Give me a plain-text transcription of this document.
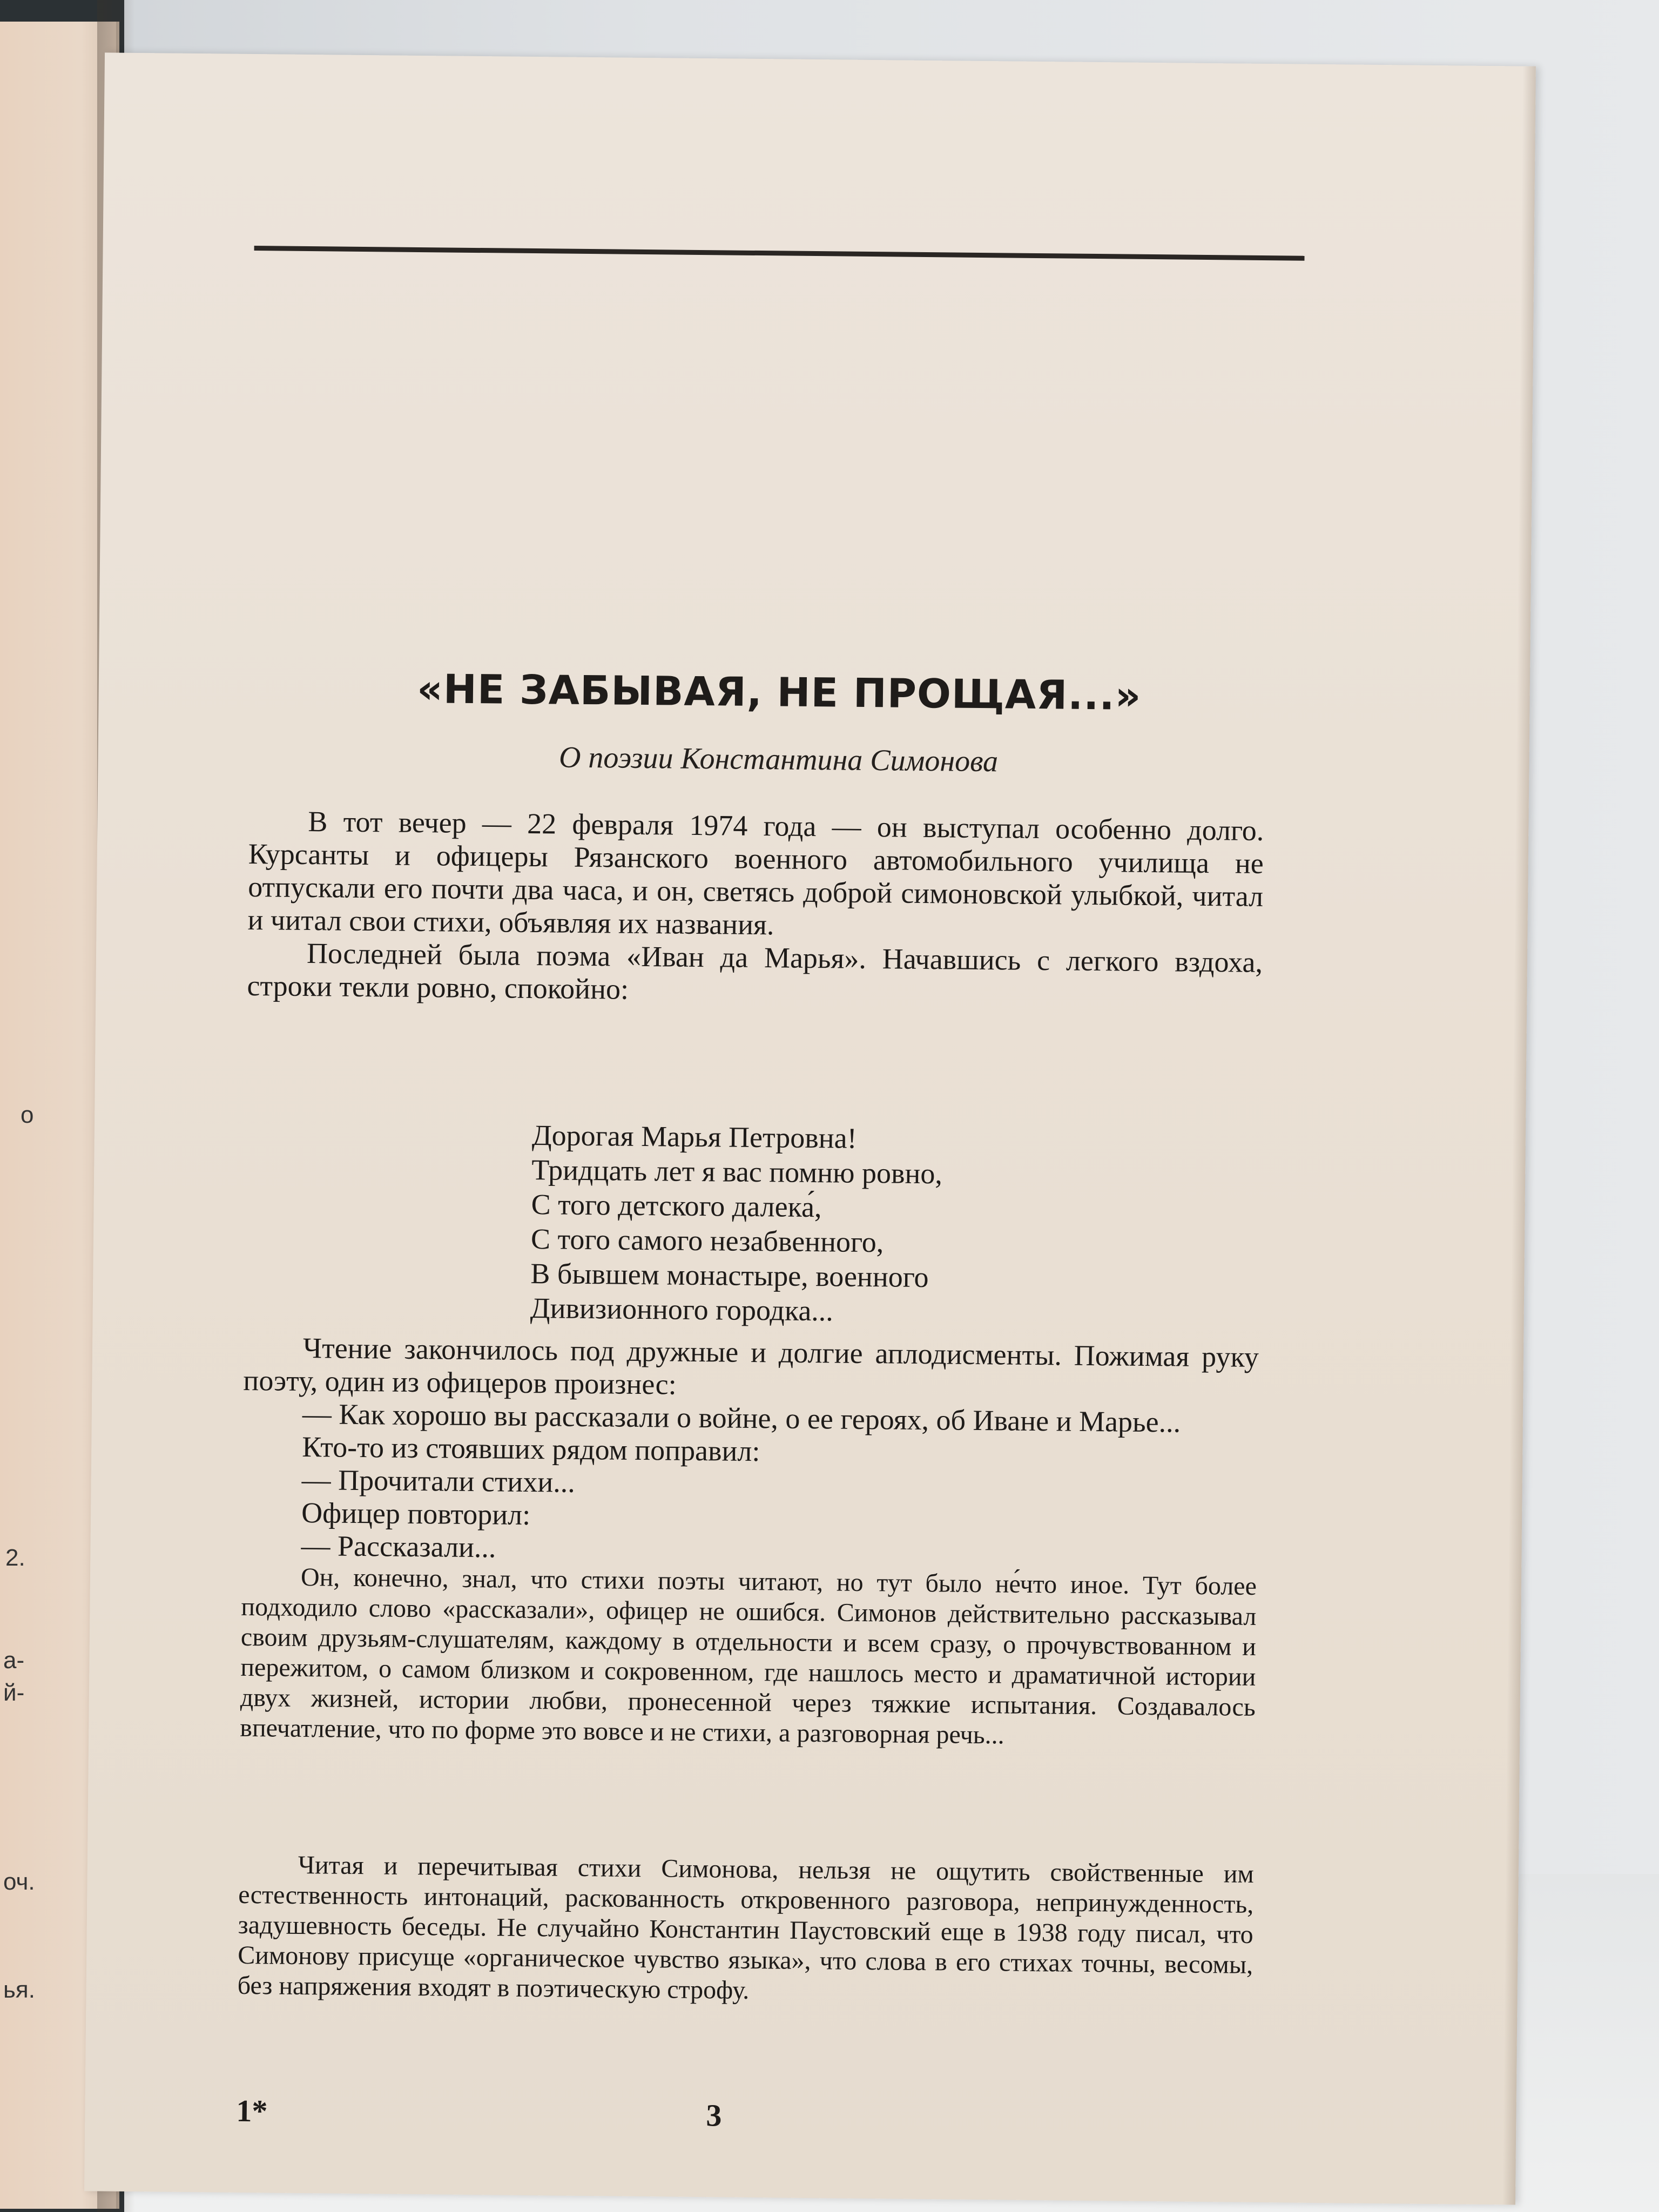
о
2.
а-
й-
оч.
ья.
«НЕ ЗАБЫВАЯ, НЕ ПРОЩАЯ...»
О поэзии Константина Симонова

В тот вечер — 22 февраля 1974 года — он выступал особенно долго. Курсанты и офицеры Рязанского военного автомобильного училища не отпускали его почти два часа, и он, светясь доброй симоновской улыбкой, читал и читал свои стихи, объявляя их названия.

Последней была поэма «Иван да Марья». Начавшись с легкого вздоха, строки текли ровно, спокойно:

Дорогая Марья Петровна!
Тридцать лет я вас помню ровно,
С того детского далека́,
С того самого незабвенного,
В бывшем монастыре, военного
Дивизионного городка...

Чтение закончилось под дружные и долгие аплодисменты. Пожимая руку поэту, один из офицеров произнес:

— Как хорошо вы рассказали о войне, о ее героях, об Иване и Марье...

Кто-то из стоявших рядом поправил:

— Прочитали стихи...

Офицер повторил:

— Рассказали...

Он, конечно, знал, что стихи поэты читают, но тут было не́что иное. Тут более подходило слово «рассказали», офицер не ошибся. Симонов действительно рассказывал своим друзьям-слушателям, каждому в отдельности и всем сразу, о прочувствованном и пережитом, о самом близком и сокровенном, где нашлось место и драматичной истории двух жизней, истории любви, пронесенной через тяжкие испытания. Создавалось впечатление, что по форме это вовсе и не стихи, а разговорная речь...

Читая и перечитывая стихи Симонова, нельзя не ощутить свойственные им естественность интонаций, раскованность откровенного разговора, непринужденность, задушевность беседы. Не случайно Константин Паустовский еще в 1938 году писал, что Симонову присуще «органическое чувство языка», что слова в его стихах точны, весомы, без напряжения входят в поэтическую строфу.

1*	3
